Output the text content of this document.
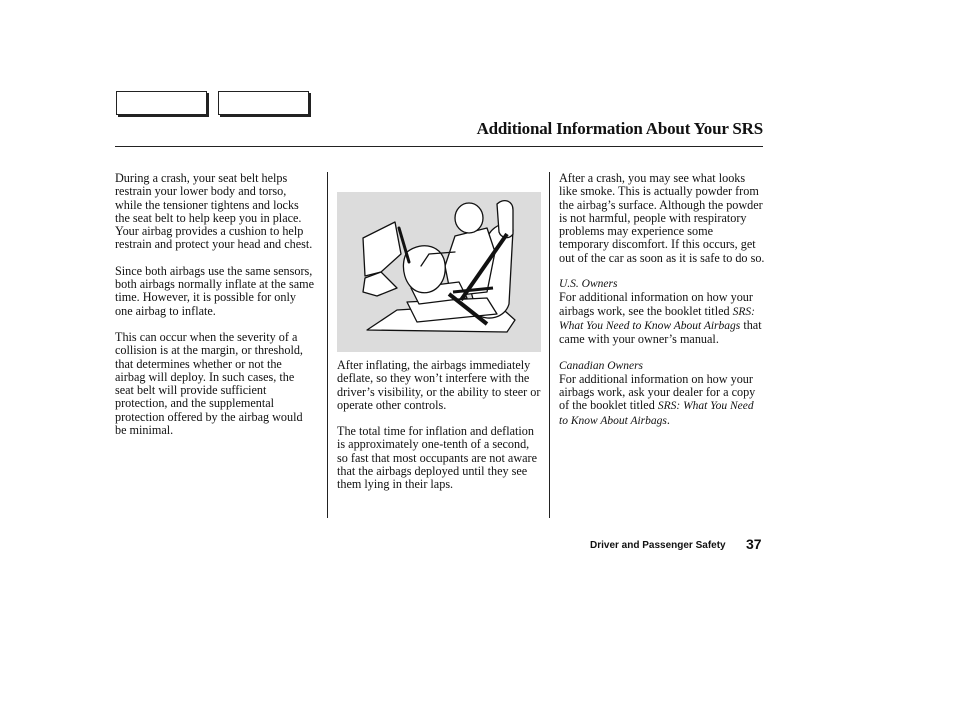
Additional Information About Your SRS

During a crash, your seat belt helps restrain your lower body and torso, while the tensioner tightens and locks the seat belt to help keep you in place. Your airbag provides a cushion to help restrain and protect your head and chest.

Since both airbags use the same sensors, both airbags normally inflate at the same time. However, it is possible for only one airbag to inflate.

This can occur when the severity of a collision is at the margin, or threshold, that determines whether or not the airbag will deploy. In such cases, the seat belt will provide sufficient protection, and the supplemental protection offered by the airbag would be minimal.

After inflating, the airbags immediately deflate, so they won’t interfere with the driver’s visibility, or the ability to steer or operate other controls.

The total time for inflation and deflation is approximately one-tenth of a second, so fast that most occupants are not aware that the airbags deployed until they see them lying in their laps.

After a crash, you may see what looks like smoke. This is actually powder from the airbag’s surface. Although the powder is not harmful, people with respiratory problems may experience some temporary discomfort. If this occurs, get out of the car as soon as it is safe to do so.

U.S. Owners
For additional information on how your airbags work, see the booklet titled SRS: What You Need to Know About Airbags that came with your owner’s manual.
Canadian Owners
For additional information on how your airbags work, ask your dealer for a copy of the booklet titled SRS: What You Need to Know About Airbags.
Driver and Passenger Safety 37
